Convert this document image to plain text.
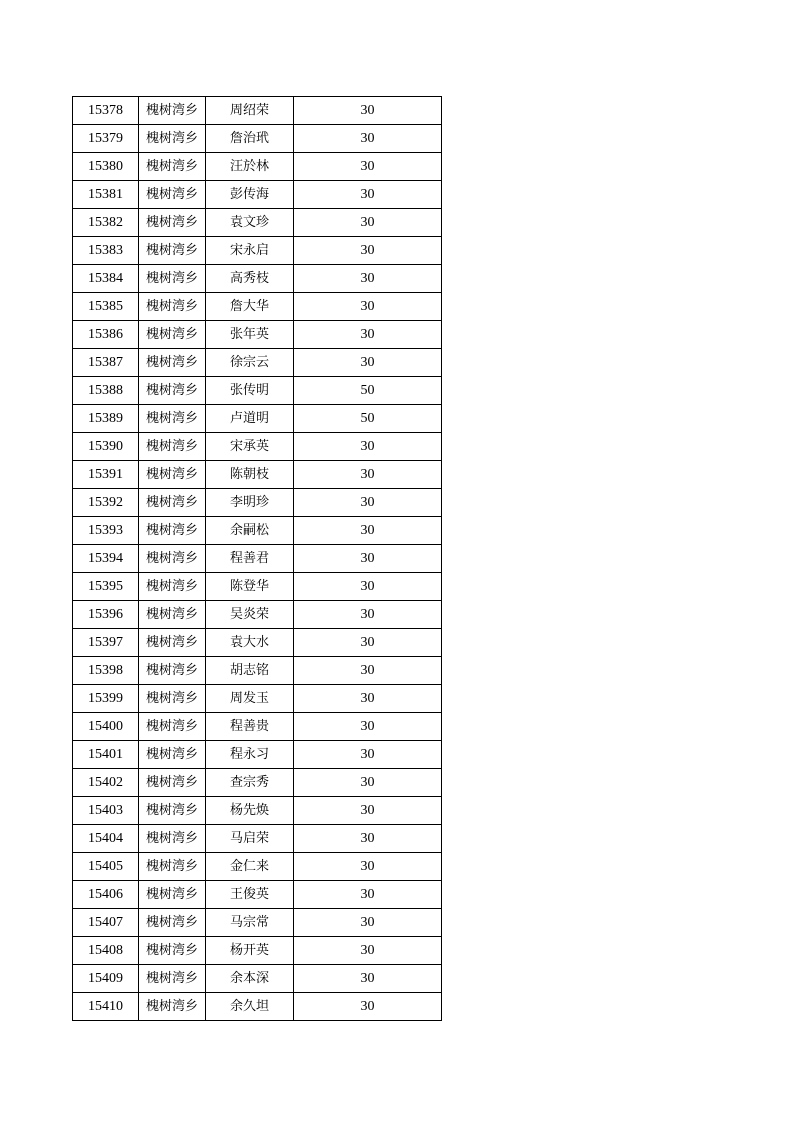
15378	槐树湾乡	周绍荣	30
15379	槐树湾乡	詹治玳	30
15380	槐树湾乡	汪於林	30
15381	槐树湾乡	彭传海	30
15382	槐树湾乡	袁文珍	30
15383	槐树湾乡	宋永启	30
15384	槐树湾乡	高秀枝	30
15385	槐树湾乡	詹大华	30
15386	槐树湾乡	张年英	30
15387	槐树湾乡	徐宗云	30
15388	槐树湾乡	张传明	50
15389	槐树湾乡	卢道明	50
15390	槐树湾乡	宋承英	30
15391	槐树湾乡	陈朝枝	30
15392	槐树湾乡	李明珍	30
15393	槐树湾乡	余嗣松	30
15394	槐树湾乡	程善君	30
15395	槐树湾乡	陈登华	30
15396	槐树湾乡	吴炎荣	30
15397	槐树湾乡	袁大水	30
15398	槐树湾乡	胡志铭	30
15399	槐树湾乡	周发玉	30
15400	槐树湾乡	程善贵	30
15401	槐树湾乡	程永习	30
15402	槐树湾乡	查宗秀	30
15403	槐树湾乡	杨先焕	30
15404	槐树湾乡	马启荣	30
15405	槐树湾乡	金仁来	30
15406	槐树湾乡	王俊英	30
15407	槐树湾乡	马宗常	30
15408	槐树湾乡	杨开英	30
15409	槐树湾乡	余本深	30
15410	槐树湾乡	余久坦	30
